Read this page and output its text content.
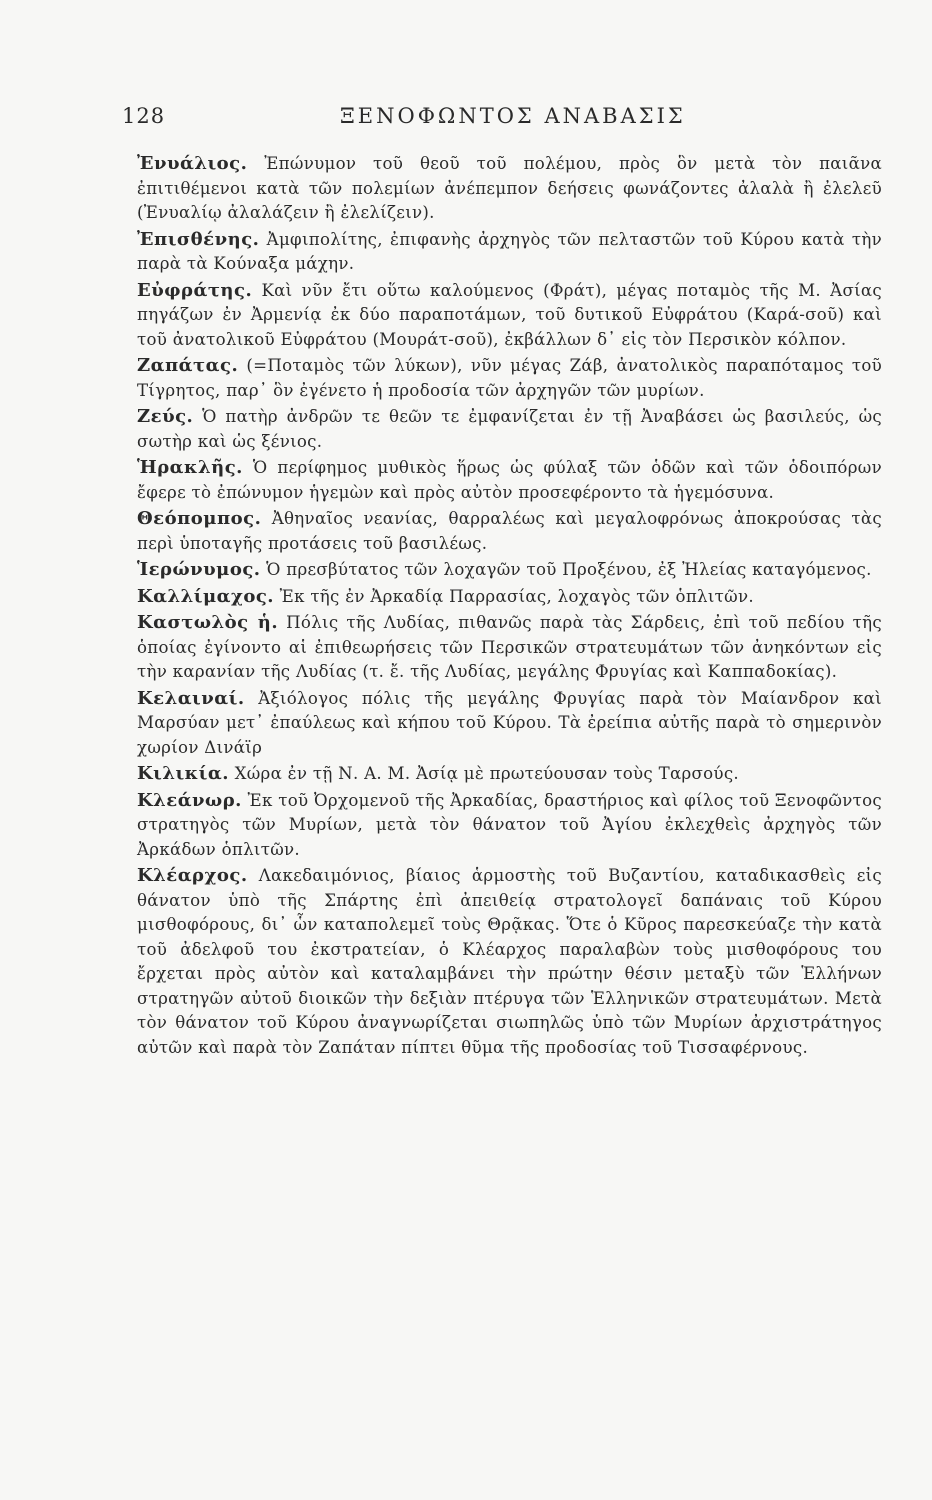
128	ΞΕΝΟΦΩΝΤΟΣ ΑΝΑΒΑΣΙΣ

Ἐνυάλιος. Ἐπώνυμον τοῦ θεοῦ τοῦ πολέμου, πρὸς ὃν μετὰ τὸν παιᾶνα ἐπιτιθέμενοι κατὰ τῶν πολεμίων ἀνέπεμπον δεήσεις φωνάζοντες ἀλαλὰ ἢ ἐλελεῦ (Ἐνυαλίῳ ἀλαλάζειν ἢ ἐλελίζειν).

Ἐπισθένης. Ἀμφιπολίτης, ἐπιφανὴς ἀρχηγὸς τῶν πελταστῶν τοῦ Κύρου κατὰ τὴν παρὰ τὰ Κούναξα μάχην.

Εὐφράτης. Καὶ νῦν ἔτι οὕτω καλούμενος (Φράτ), μέγας ποταμὸς τῆς Μ. Ἀσίας πηγάζων ἐν Ἀρμενίᾳ ἐκ δύο παραποτάμων, τοῦ δυτικοῦ Εὐφράτου (Καρά-σοῦ) καὶ τοῦ ἀνατολικοῦ Εὐφράτου (Μουράτ-σοῦ), ἐκβάλλων δ᾽ εἰς τὸν Περσικὸν κόλπον.

Ζαπάτας. (=Ποταμὸς τῶν λύκων), νῦν μέγας Ζάβ, ἀνατολικὸς παραπόταμος τοῦ Τίγρητος, παρ᾽ ὃν ἐγένετο ἡ προδοσία τῶν ἀρχηγῶν τῶν μυρίων.

Ζεύς. Ὁ πατὴρ ἀνδρῶν τε θεῶν τε ἐμφανίζεται ἐν τῇ Ἀναβάσει ὡς βασιλεύς, ὡς σωτὴρ καὶ ὡς ξένιος.

Ἡρακλῆς. Ὁ περίφημος μυθικὸς ἥρως ὡς φύλαξ τῶν ὁδῶν καὶ τῶν ὁδοιπόρων ἔφερε τὸ ἐπώνυμον ἡγεμὼν καὶ πρὸς αὐτὸν προσεφέροντο τὰ ἡγεμόσυνα.

Θεόπομπος. Ἀθηναῖος νεανίας, θαρραλέως καὶ μεγαλοφρόνως ἀποκρούσας τὰς περὶ ὑποταγῆς προτάσεις τοῦ βασιλέως.

Ἱερώνυμος. Ὁ πρεσβύτατος τῶν λοχαγῶν τοῦ Προξένου, ἐξ Ἠλείας καταγόμενος.

Καλλίμαχος. Ἐκ τῆς ἐν Ἀρκαδίᾳ Παρρασίας, λοχαγὸς τῶν ὁπλιτῶν.

Καστωλὸς ἡ. Πόλις τῆς Λυδίας, πιθανῶς παρὰ τὰς Σάρδεις, ἐπὶ τοῦ πεδίου τῆς ὁποίας ἐγίνοντο αἱ ἐπιθεωρήσεις τῶν Περσικῶν στρατευμάτων τῶν ἀνηκόντων εἰς τὴν καρανίαν τῆς Λυδίας (τ. ἔ. τῆς Λυδίας, μεγάλης Φρυγίας καὶ Καππαδοκίας).

Κελαιναί. Ἀξιόλογος πόλις τῆς μεγάλης Φρυγίας παρὰ τὸν Μαίανδρον καὶ Μαρσύαν μετ᾽ ἐπαύλεως καὶ κήπου τοῦ Κύρου. Τὰ ἐρείπια αὐτῆς παρὰ τὸ σημερινὸν χωρίον Δινάϊρ

Κιλικία. Χώρα ἐν τῇ Ν. Α. Μ. Ἀσίᾳ μὲ πρωτεύουσαν τοὺς Ταρσούς.

Κλεάνωρ. Ἐκ τοῦ Ὀρχομενοῦ τῆς Ἀρκαδίας, δραστήριος καὶ φίλος τοῦ Ξενοφῶντος στρατηγὸς τῶν Μυρίων, μετὰ τὸν θάνατον τοῦ Ἀγίου ἐκλεχθεὶς ἀρχηγὸς τῶν Ἀρκάδων ὁπλιτῶν.

Κλέαρχος. Λακεδαιμόνιος, βίαιος ἁρμοστὴς τοῦ Βυζαντίου, καταδικασθεὶς εἰς θάνατον ὑπὸ τῆς Σπάρτης ἐπὶ ἀπειθείᾳ στρατολογεῖ δαπάναις τοῦ Κύρου μισθοφόρους, δι᾽ ὧν καταπολεμεῖ τοὺς Θρᾷκας. Ὅτε ὁ Κῦρος παρεσκεύαζε τὴν κατὰ τοῦ ἀδελφοῦ του ἐκστρατείαν, ὁ Κλέαρχος παραλαβὼν τοὺς μισθοφόρους του ἔρχεται πρὸς αὐτὸν καὶ καταλαμβάνει τὴν πρώτην θέσιν μεταξὺ τῶν Ἑλλήνων στρατηγῶν αὐτοῦ διοικῶν τὴν δεξιὰν πτέρυγα τῶν Ἑλληνικῶν στρατευμάτων. Μετὰ τὸν θάνατον τοῦ Κύρου ἀναγνωρίζεται σιωπηλῶς ὑπὸ τῶν Μυρίων ἀρχιστράτηγος αὐτῶν καὶ παρὰ τὸν Ζαπάταν πίπτει θῦμα τῆς προδοσίας τοῦ Τισσαφέρνους.
